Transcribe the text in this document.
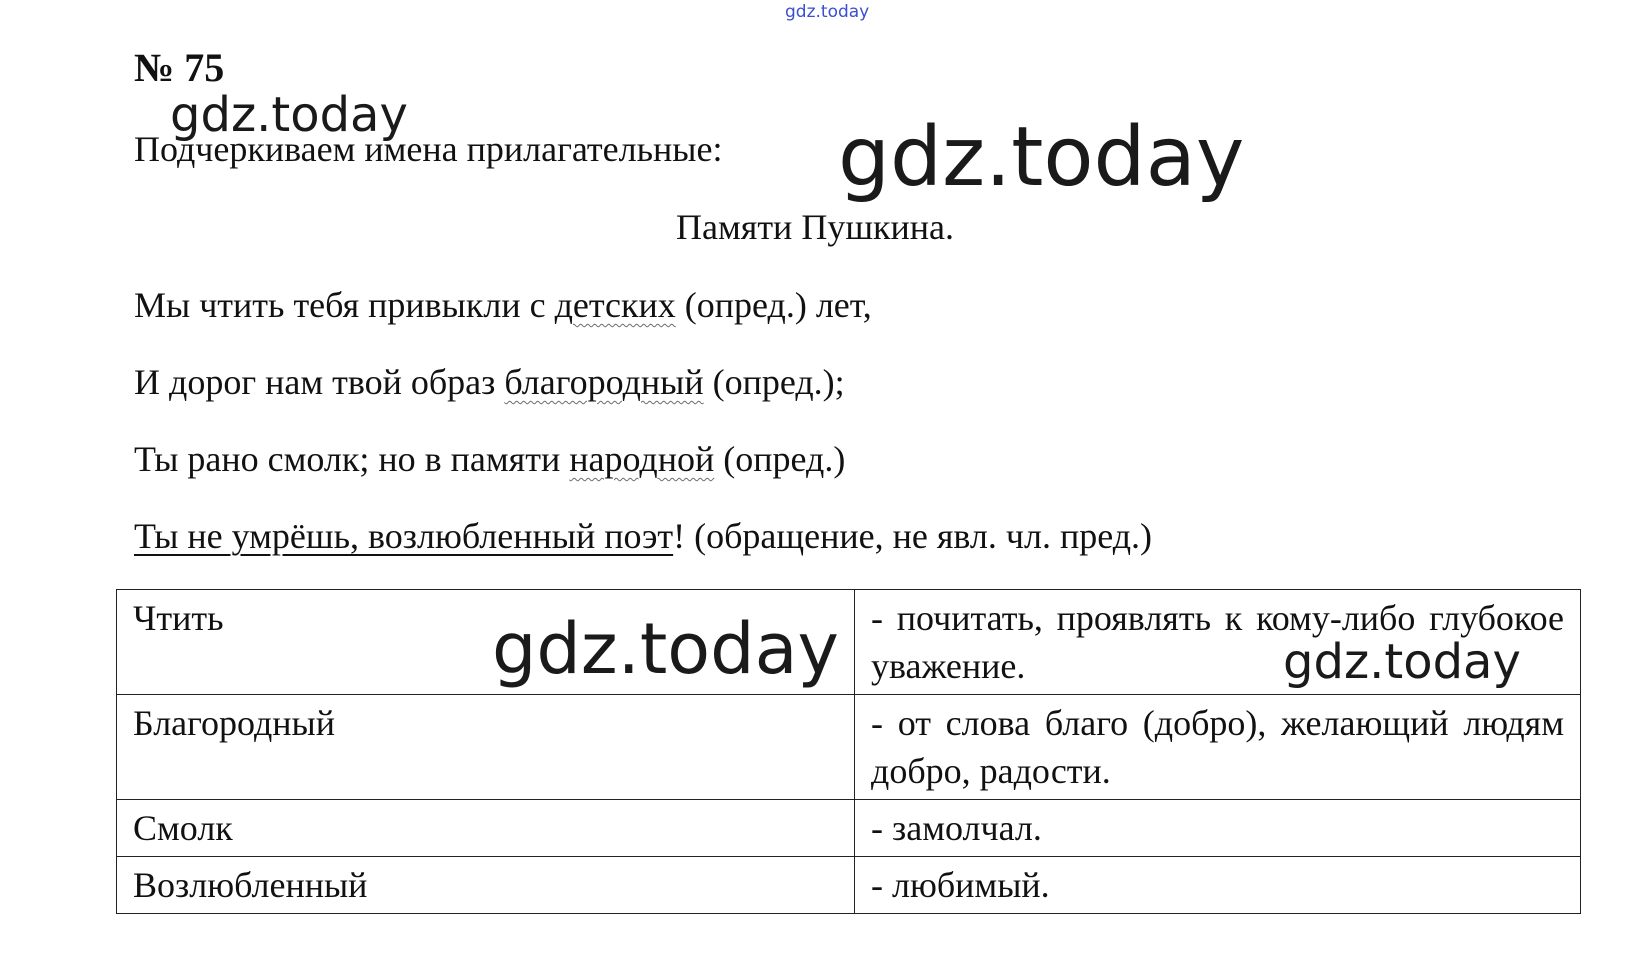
gdz.today
№ 75
Подчеркиваем имена прилагательные:
Памяти Пушкина.
Мы чтить тебя привыкли с детских (опред.) лет,
И дорог нам твой образ благородный (опред.);
Ты рано смолк; но в памяти народной (опред.)
Ты не умрёшь, возлюбленный поэт! (обращение, не явл. чл. пред.)
Чтить	- почитать, проявлять к кому-либо глубокое уважение.
Благородный	- от слова благо (добро), желающий людям добро, радости.
Смолк	- замолчал.
Возлюбленный	- любимый.
gdz.today	gdz.today
gdz.today	gdz.today
